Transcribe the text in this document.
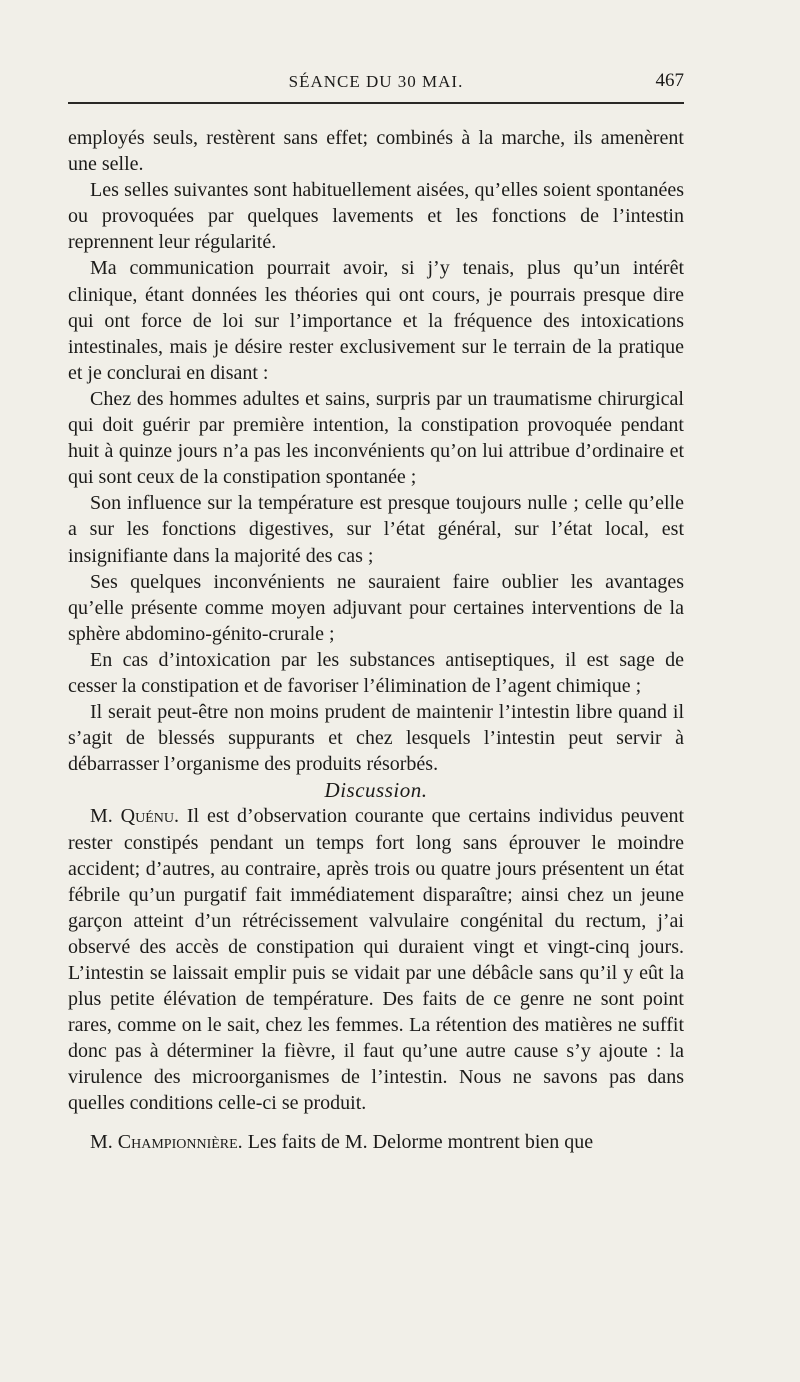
SÉANCE DU 30 MAI.	467

employés seuls, restèrent sans effet; combinés à la marche, ils amenèrent une selle.

Les selles suivantes sont habituellement aisées, qu’elles soient spontanées ou provoquées par quelques lavements et les fonctions de l’intestin reprennent leur régularité.

Ma communication pourrait avoir, si j’y tenais, plus qu’un intérêt clinique, étant données les théories qui ont cours, je pourrais presque dire qui ont force de loi sur l’importance et la fréquence des intoxications intestinales, mais je désire rester exclusivement sur le terrain de la pratique et je conclurai en disant :

Chez des hommes adultes et sains, surpris par un traumatisme chirurgical qui doit guérir par première intention, la constipation provoquée pendant huit à quinze jours n’a pas les inconvénients qu’on lui attribue d’ordinaire et qui sont ceux de la constipation spontanée ;

Son influence sur la température est presque toujours nulle ; celle qu’elle a sur les fonctions digestives, sur l’état général, sur l’état local, est insignifiante dans la majorité des cas ;

Ses quelques inconvénients ne sauraient faire oublier les avantages qu’elle présente comme moyen adjuvant pour certaines interventions de la sphère abdomino-génito-crurale ;

En cas d’intoxication par les substances antiseptiques, il est sage de cesser la constipation et de favoriser l’élimination de l’agent chimique ;

Il serait peut-être non moins prudent de maintenir l’intestin libre quand il s’agit de blessés suppurants et chez lesquels l’intestin peut servir à débarrasser l’organisme des produits résorbés.

Discussion.

M. Quénu. Il est d’observation courante que certains individus peuvent rester constipés pendant un temps fort long sans éprouver le moindre accident; d’autres, au contraire, après trois ou quatre jours présentent un état fébrile qu’un purgatif fait immédiatement disparaître; ainsi chez un jeune garçon atteint d’un rétrécissement valvulaire congénital du rectum, j’ai observé des accès de constipation qui duraient vingt et vingt-cinq jours. L’intestin se laissait emplir puis se vidait par une débâcle sans qu’il y eût la plus petite élévation de température. Des faits de ce genre ne sont point rares, comme on le sait, chez les femmes. La rétention des matières ne suffit donc pas à déterminer la fièvre, il faut qu’une autre cause s’y ajoute : la virulence des microorganismes de l’intestin. Nous ne savons pas dans quelles conditions celle-ci se produit.

M. Championnière. Les faits de M. Delorme montrent bien que
